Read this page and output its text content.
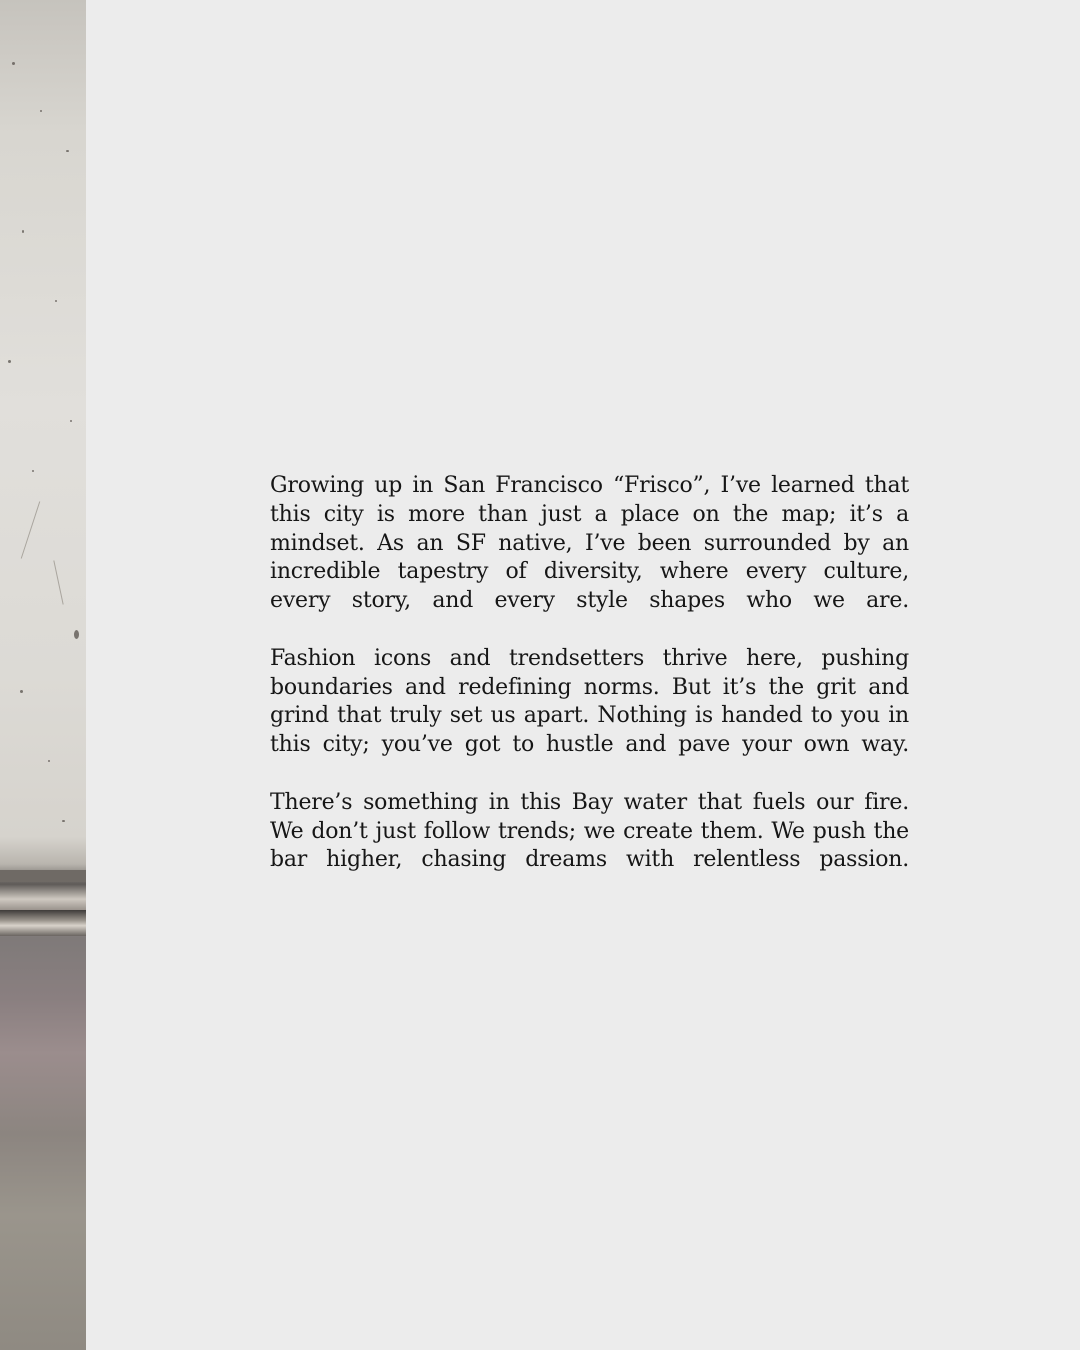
Growing up in San Francisco “Frisco”, I’ve learned that this city is more than just a place on the map; it’s a mindset. As an SF native, I’ve been surrounded by an incredible tapestry of diversity, where every culture, every story, and every style shapes who we are.

Fashion icons and trendsetters thrive here, pushing boundaries and redefining norms. But it’s the grit and grind that truly set us apart. Nothing is handed to you in this city; you’ve got to hustle and pave your own way.

There’s something in this Bay water that fuels our fire. We don’t just follow trends; we create them. We push the bar higher, chasing dreams with relentless passion.
